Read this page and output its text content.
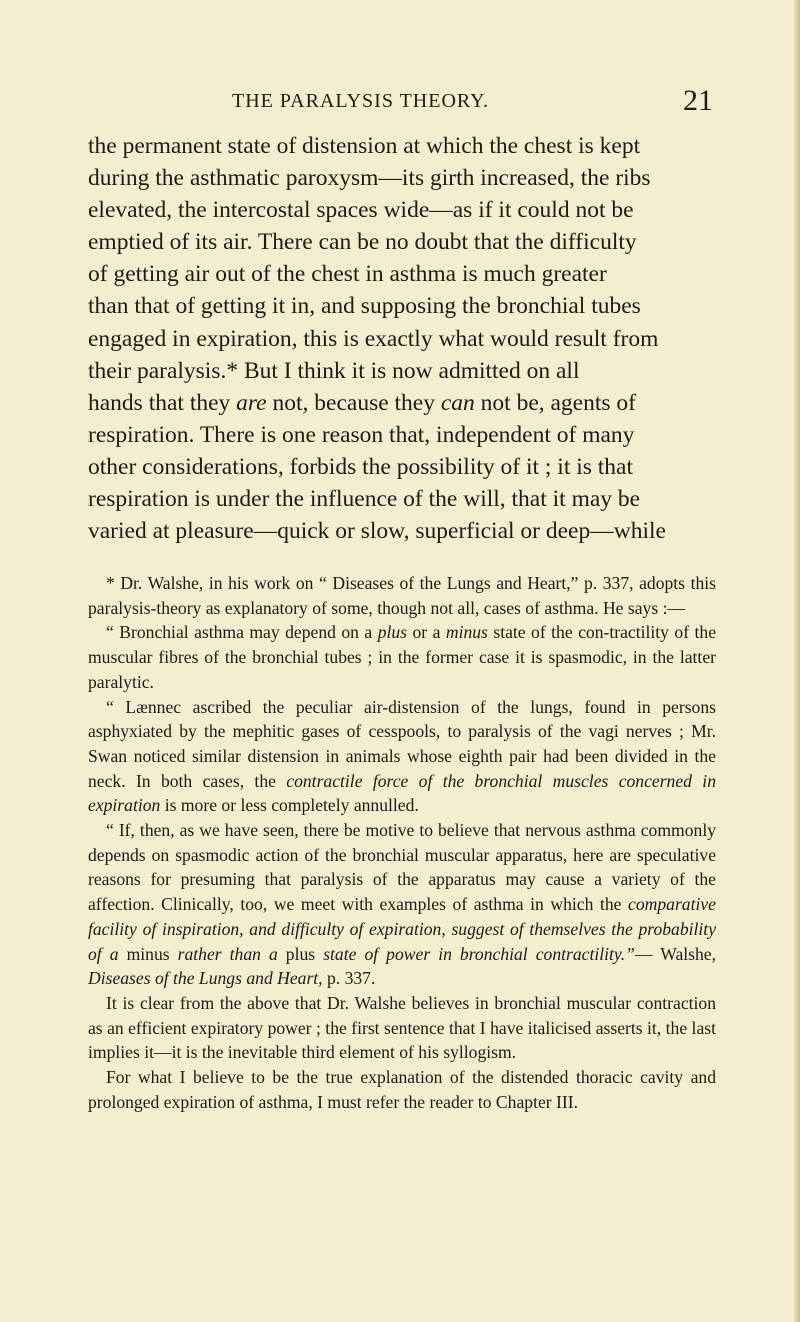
THE PARALYSIS THEORY.	21
the permanent state of distension at which the chest is kept
during the asthmatic paroxysm—its girth increased, the ribs
elevated, the intercostal spaces wide—as if it could not be
emptied of its air. There can be no doubt that the difficulty
of getting air out of the chest in asthma is much greater
than that of getting it in, and supposing the bronchial tubes
engaged in expiration, this is exactly what would result from
their paralysis.* But I think it is now admitted on all
hands that they are not, because they can not be, agents of
respiration. There is one reason that, independent of many
other considerations, forbids the possibility of it ; it is that
respiration is under the influence of the will, that it may be
varied at pleasure—quick or slow, superficial or deep—while

* Dr. Walshe, in his work on “ Diseases of the Lungs and Heart,” p. 337, adopts this paralysis-theory as explanatory of some, though not all, cases of asthma. He says :—

“ Bronchial asthma may depend on a plus or a minus state of the con-tractility of the muscular fibres of the bronchial tubes ; in the former case it is spasmodic, in the latter paralytic.

“ Lænnec ascribed the peculiar air-distension of the lungs, found in persons asphyxiated by the mephitic gases of cesspools, to paralysis of the vagi nerves ; Mr. Swan noticed similar distension in animals whose eighth pair had been divided in the neck. In both cases, the contractile force of the bronchial muscles concerned in expiration is more or less completely annulled.

“ If, then, as we have seen, there be motive to believe that nervous asthma commonly depends on spasmodic action of the bronchial muscular apparatus, here are speculative reasons for presuming that paralysis of the apparatus may cause a variety of the affection. Clinically, too, we meet with examples of asthma in which the comparative facility of inspiration, and difficulty of expiration, suggest of themselves the probability of a minus rather than a plus state of power in bronchial contractility.”— Walshe, Diseases of the Lungs and Heart, p. 337.

It is clear from the above that Dr. Walshe believes in bronchial muscular contraction as an efficient expiratory power ; the first sentence that I have italicised asserts it, the last implies it—it is the inevitable third element of his syllogism.

For what I believe to be the true explanation of the distended thoracic cavity and prolonged expiration of asthma, I must refer the reader to Chapter III.
